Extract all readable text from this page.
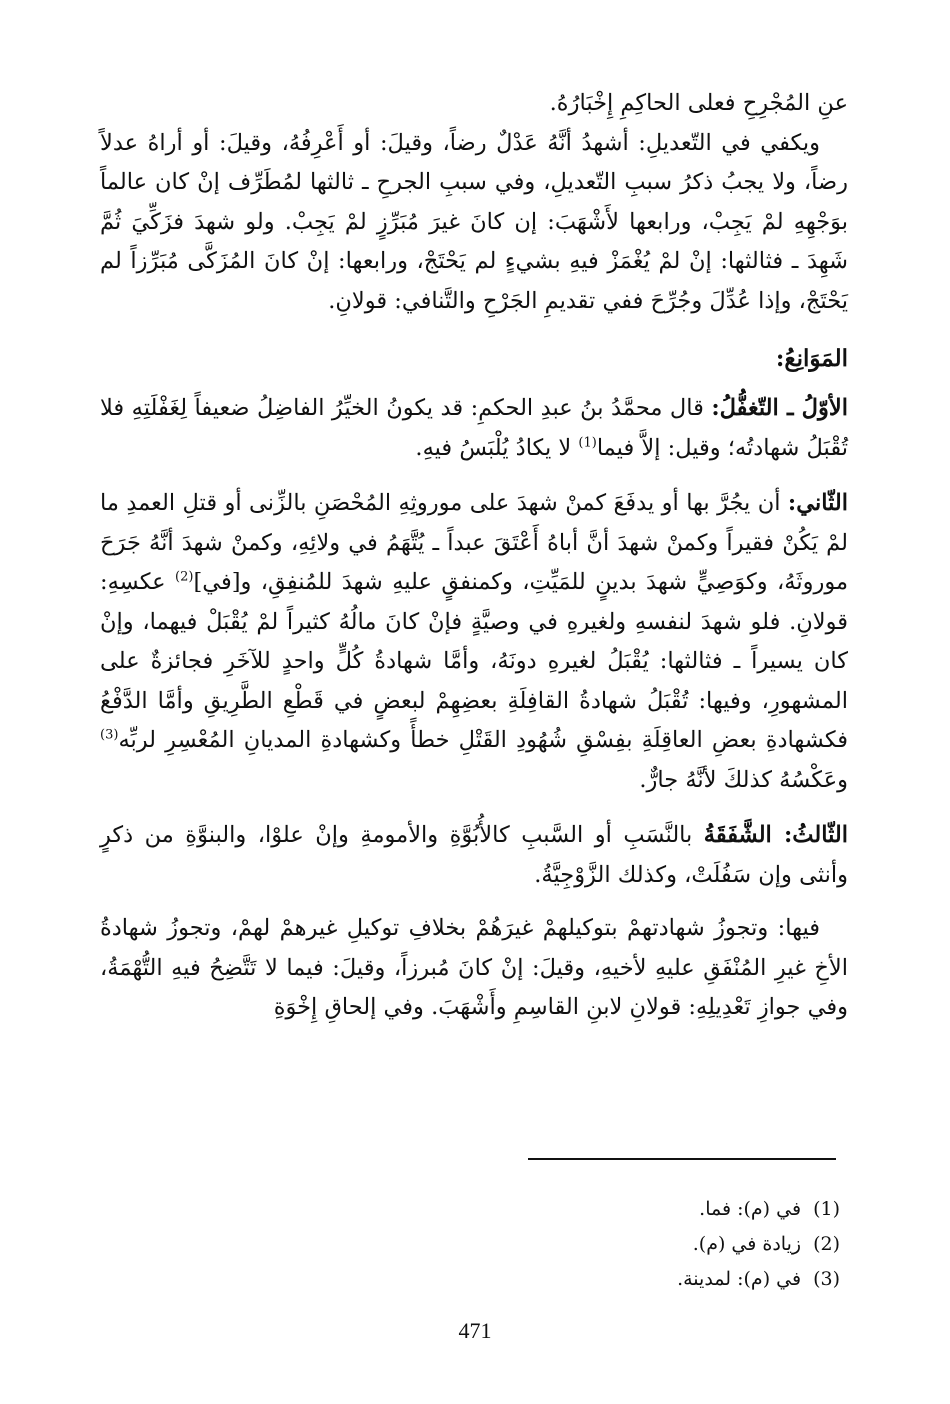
عنِ المُجْرِحِ فعلى الحاكِمِ إِخْبَارُهُ.

ويكفي في التّعديلِ: أشهدُ أنَّهُ عَدْلٌ رضاً، وقيلَ: أو أَعْرِفُهُ، وقيلَ: أو أراهُ عدلاً رضاً، ولا يجبُ ذكرُ سببِ التّعديلِ، وفي سببِ الجرحِ ـ ثالثها لمُطَرِّف إنْ كان عالماً بوَجْهِهِ لمْ يَجِبْ، ورابعها لأَشْهَبَ: إن كانَ غيرَ مُبَرِّزٍ لمْ يَجِبْ. ولو شهدَ فزَكِّيَ ثُمَّ شَهِدَ ـ فثالثها: إنْ لمْ يُغْمَزْ فيهِ بشيءٍ لم يَحْتَجْ، ورابعها: إنْ كانَ المُزَكَّى مُبَرِّزاً لم يَحْتَجْ، وإذا عُدِّلَ وجُرِّحَ ففي تقديمِ الجَرْحِ والتَّنافي: قولانِ.

المَوَانِعُ:

الأوّلُ ـ التّغفُّلُ: قال محمَّدُ بنُ عبدِ الحكمِ: قد يكونُ الخيِّرُ الفاضِلُ ضعيفاً لِغَفْلَتِهِ فلا تُقْبَلُ شهادتُه؛ وقيل: إلاَّ فيما$^{(1)}$ لا يكادُ يُلْبَسُ فيهِ.

الثّاني: أن يجُرَّ بها أو يدفَعَ كمنْ شهدَ على موروثِهِ المُحْصَنِ بالزِّنى أو قتلِ العمدِ ما لمْ يَكُنْ فقيراً وكمنْ شهدَ أنَّ أباهُ أَعْتَقَ عبداً ـ يُتَّهَمُ في ولائِهِ، وكمنْ شهدَ أنَّهُ جَرَحَ موروثَهُ، وكوَصِيٍّ شهدَ بدينٍ للمَيِّتِ، وكمنفقٍ عليهِ شهدَ للمُنفِقِ، و[في]$^{(2)}$ عكسِهِ: قولانِ. فلو شهدَ لنفسهِ ولغيرهِ في وصيَّةٍ فإنْ كانَ مالُهُ كثيراً لمْ يُقْبَلْ فيهما، وإنْ كان يسيراً ـ فثالثها: يُقْبَلُ لغيرهِ دونَهُ، وأمَّا شهادةُ كُلٍّ واحدٍ للآخَرِ فجائزةٌ على المشهورِ، وفيها: تُقْبَلُ شهادةُ القافِلَةِ بعضِهِمْ لبعضٍ في قَطْعِ الطَّرِيقِ وأمَّا الدَّفْعُ فكشهادةِ بعضِ العاقِلَةِ بفِسْقِ شُهُودِ القَتْلِ خطأً وكشهادةِ المديانِ المُعْسِرِ لربِّه$^{(3)}$ وعَكْسُهُ كذلكَ لأنَّهُ جارٌّ.

الثّالثُ: الشَّفَقَةُ بالنَّسَبِ أو السَّببِ كالأُبُوَّةِ والأمومةِ وإنْ علوْا، والبنوَّةِ من ذكرٍ وأنثى وإن سَفُلَتْ، وكذلك الزَّوْجِيَّةُ.

فيها: وتجوزُ شهادتهمْ بتوكيلهمْ غيرَهُمْ بخلافِ توكيلِ غيرهمْ لهمْ، وتجوزُ شهادةُ الأخِ غيرِ المُنْفَقِ عليهِ لأخيهِ، وقيلَ: إنْ كانَ مُبرزاً، وقيلَ: فيما لا تَتَّضِحُ فيهِ التُّهْمَةُ، وفي جوازِ تَعْدِيلِهِ: قولانِ لابنِ القاسِمِ وأَشْهَبَ. وفي إلحاقِ إِخْوَةِ

(1)في (م): فما.
(2)زيادة في (م).
(3)في (م): لمدينة.
471
